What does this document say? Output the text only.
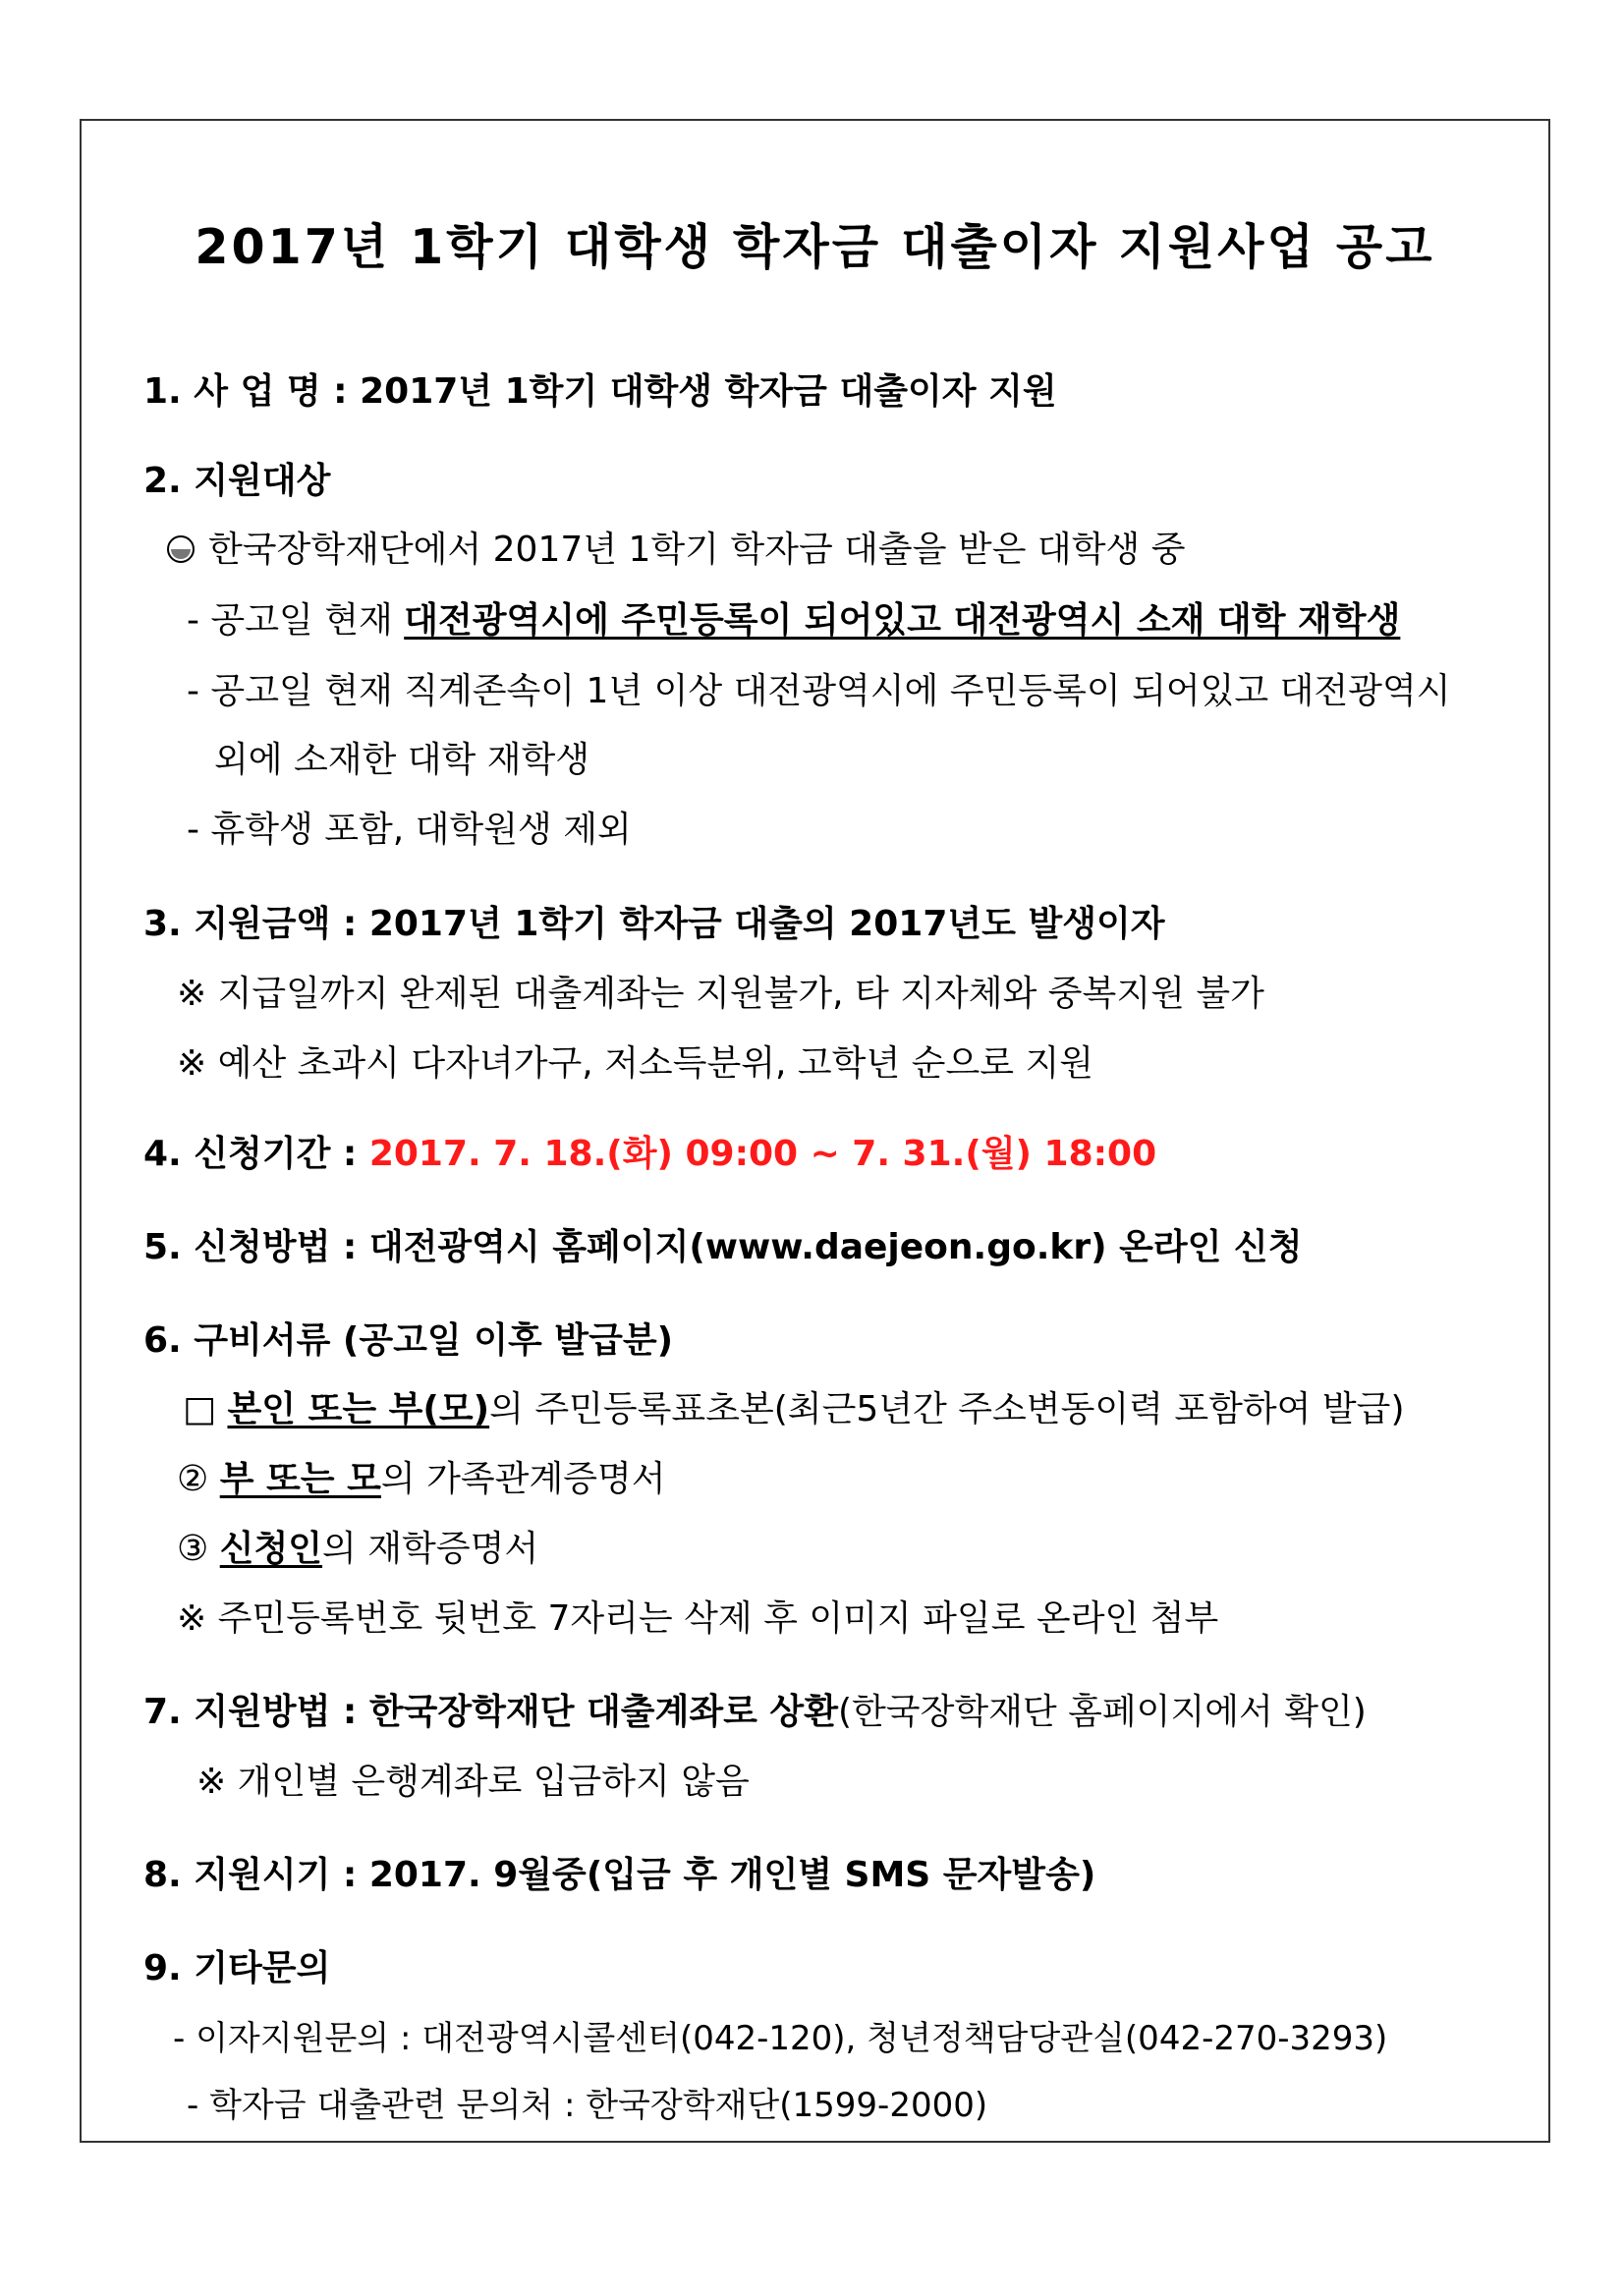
2017년 1학기 대학생 학자금 대출이자 지원사업 공고
1. 사 업 명 : 2017년 1학기 대학생 학자금 대출이자 지원
2. 지원대상
한국장학재단에서 2017년 1학기 학자금 대출을 받은 대학생 중
- 공고일 현재 대전광역시에 주민등록이 되어있고 대전광역시 소재 대학 재학생
- 공고일 현재 직계존속이 1년 이상 대전광역시에 주민등록이 되어있고 대전광역시
외에 소재한 대학 재학생
- 휴학생 포함, 대학원생 제외
3. 지원금액 : 2017년 1학기 학자금 대출의 2017년도 발생이자
※ 지급일까지 완제된 대출계좌는 지원불가, 타 지자체와 중복지원 불가
※ 예산 초과시 다자녀가구, 저소득분위, 고학년 순으로 지원
4. 신청기간 : 2017. 7. 18.(화) 09:00 ~ 7. 31.(월) 18:00
5. 신청방법 : 대전광역시 홈페이지(www.daejeon.go.kr) 온라인 신청
6. 구비서류 (공고일 이후 발급분)
□ 본인 또는 부(모)의 주민등록표초본(최근5년간 주소변동이력 포함하여 발급)
② 부 또는 모의 가족관계증명서
③ 신청인의 재학증명서
※ 주민등록번호 뒷번호 7자리는 삭제 후 이미지 파일로 온라인 첨부
7. 지원방법 : 한국장학재단 대출계좌로 상환(한국장학재단 홈페이지에서 확인)
※ 개인별 은행계좌로 입금하지 않음
8. 지원시기 : 2017. 9월중(입금 후 개인별 SMS 문자발송)
9. 기타문의
- 이자지원문의 : 대전광역시콜센터(042-120), 청년정책담당관실(042-270-3293)
- 학자금 대출관련 문의처 : 한국장학재단(1599-2000)
